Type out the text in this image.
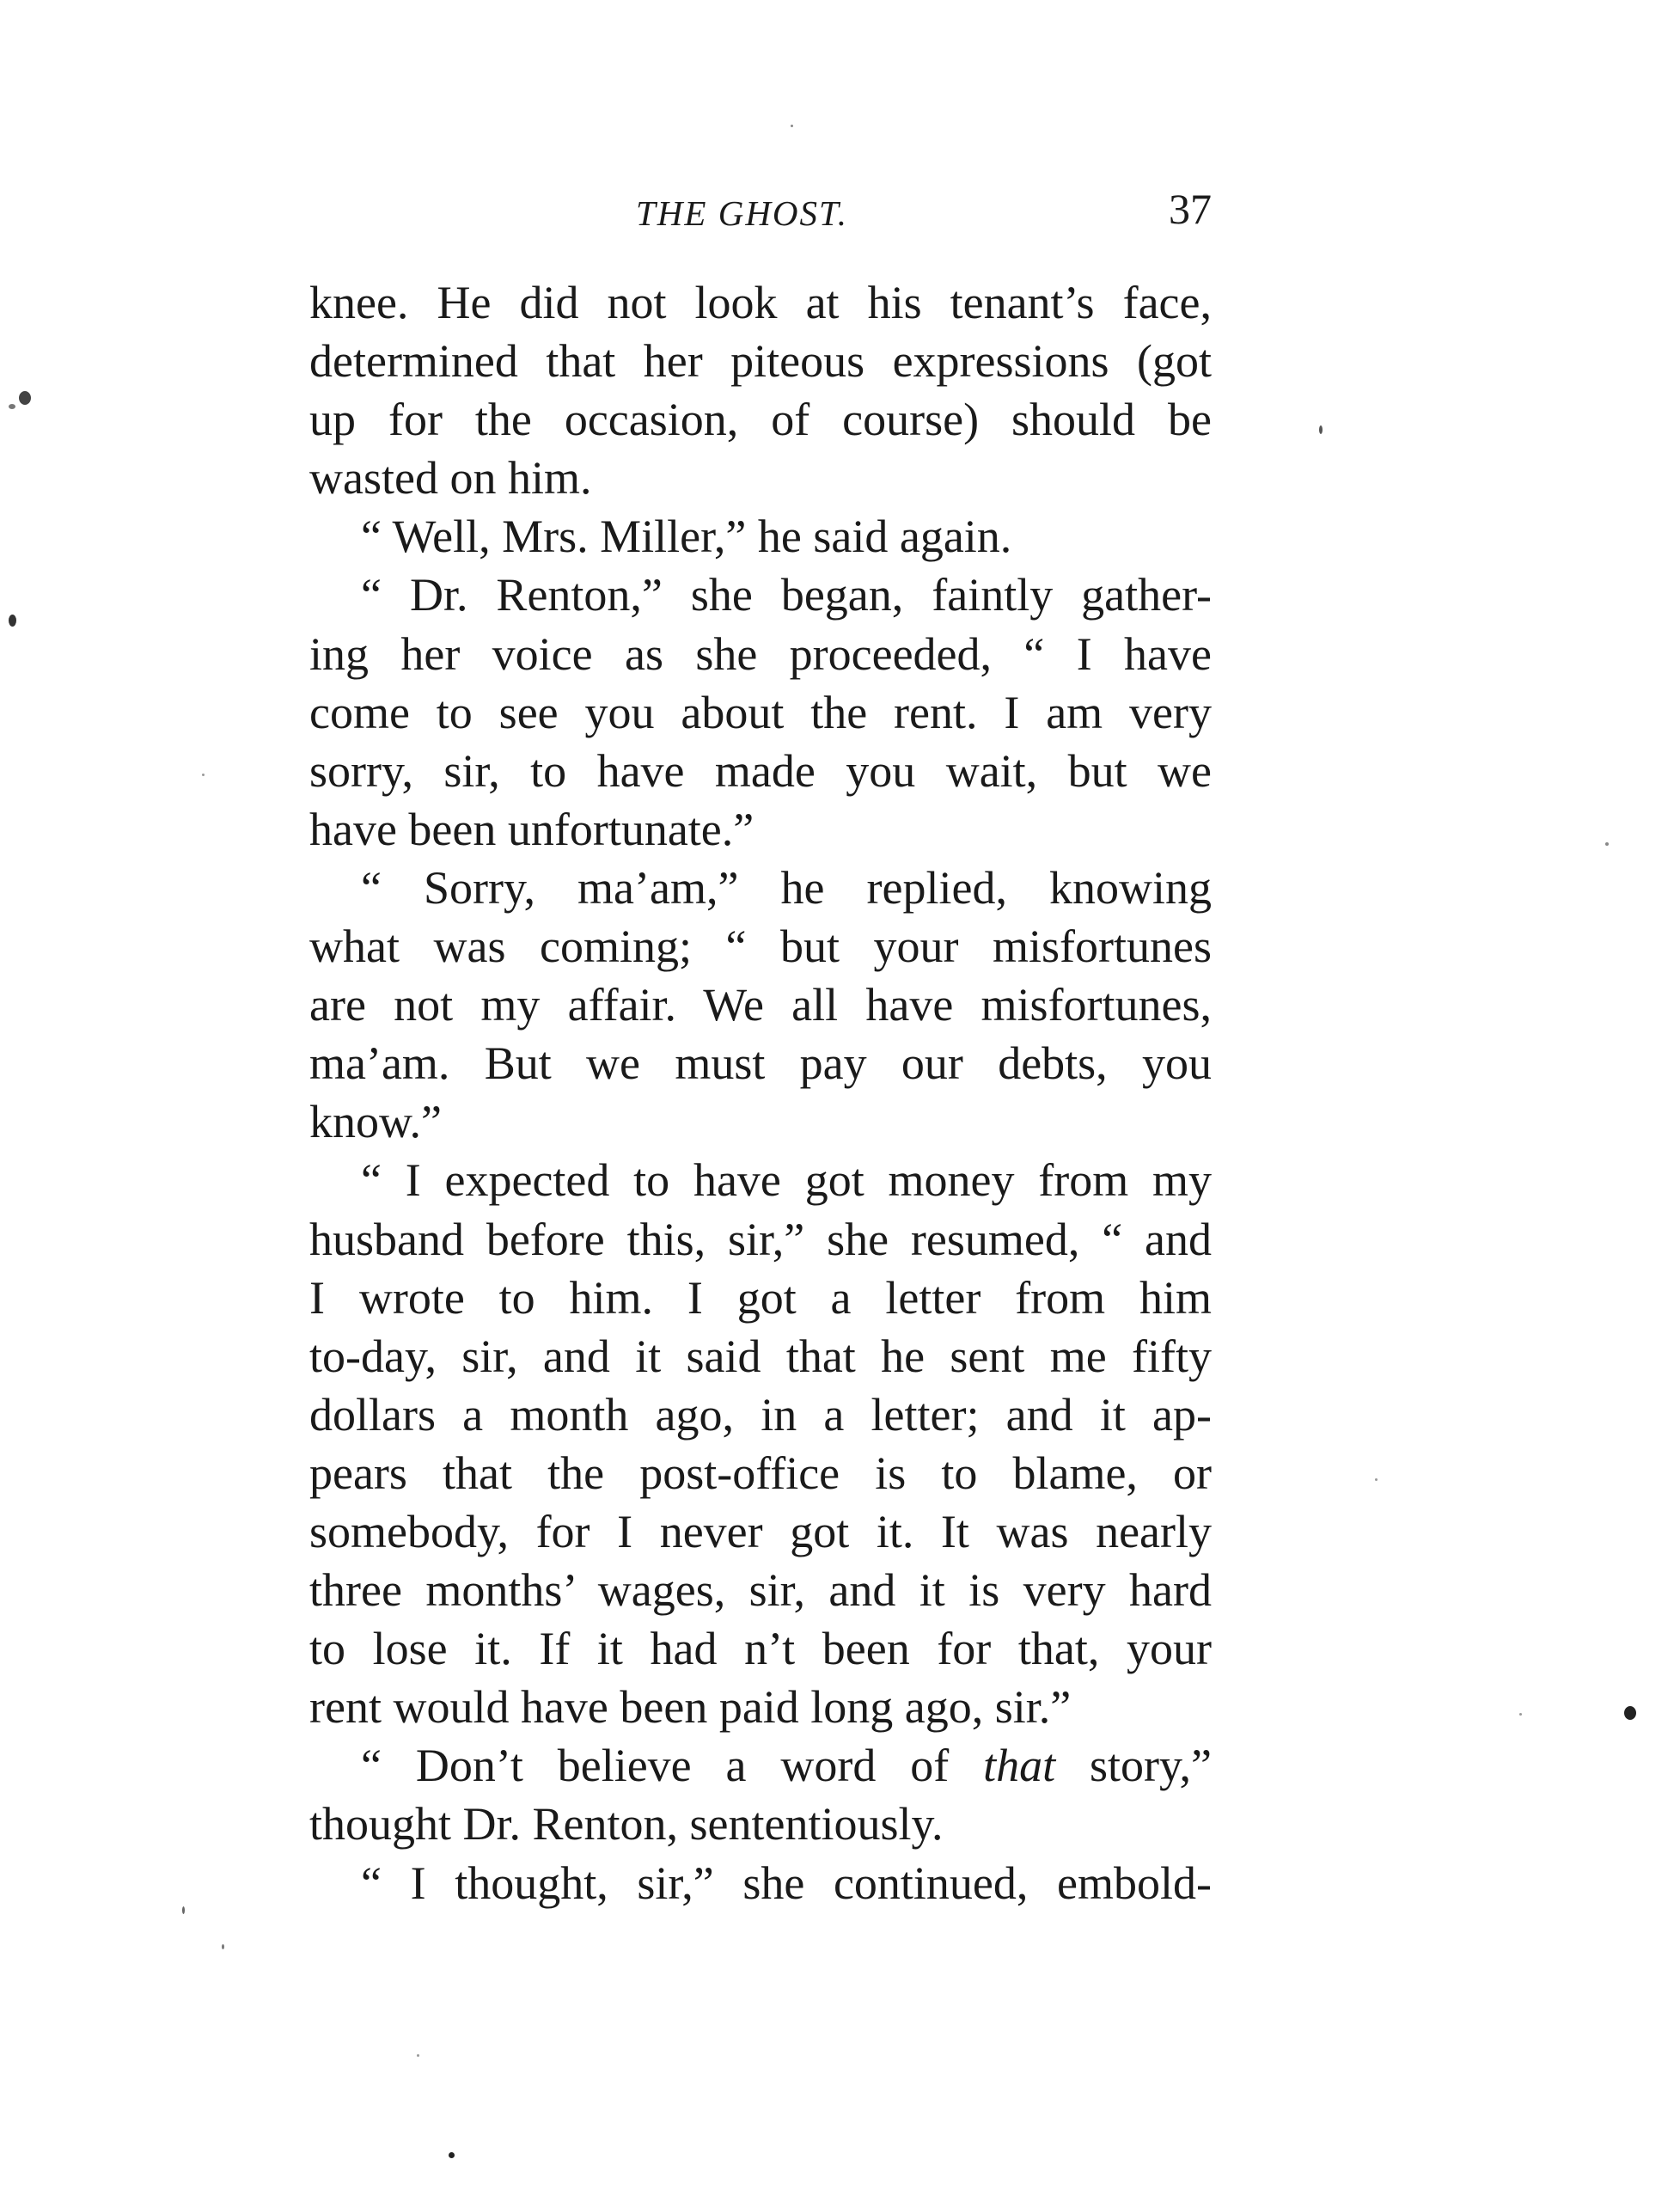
THE GHOST.	37
knee. He did not look at his tenant’s face,
determined that her piteous expressions (got
up for the occasion, of course) should be
wasted on him.
“ Well, Mrs. Miller,” he said again.
“ Dr. Renton,” she began, faintly gather-
ing her voice as she proceeded, “ I have
come to see you about the rent. I am very
sorry, sir, to have made you wait, but we
have been unfortunate.”
“ Sorry, ma’am,” he replied, knowing
what was coming; “ but your misfortunes
are not my affair. We all have misfortunes,
ma’am. But we must pay our debts, you
know.”
“ I expected to have got money from my
husband before this, sir,” she resumed, “ and
I wrote to him. I got a letter from him
to-day, sir, and it said that he sent me fifty
dollars a month ago, in a letter; and it ap-
pears that the post-office is to blame, or
somebody, for I never got it. It was nearly
three months’ wages, sir, and it is very hard
to lose it. If it had n’t been for that, your
rent would have been paid long ago, sir.”
“ Don’t believe a word of that story,”
thought Dr. Renton, sententiously.
“ I thought, sir,” she continued, embold-
